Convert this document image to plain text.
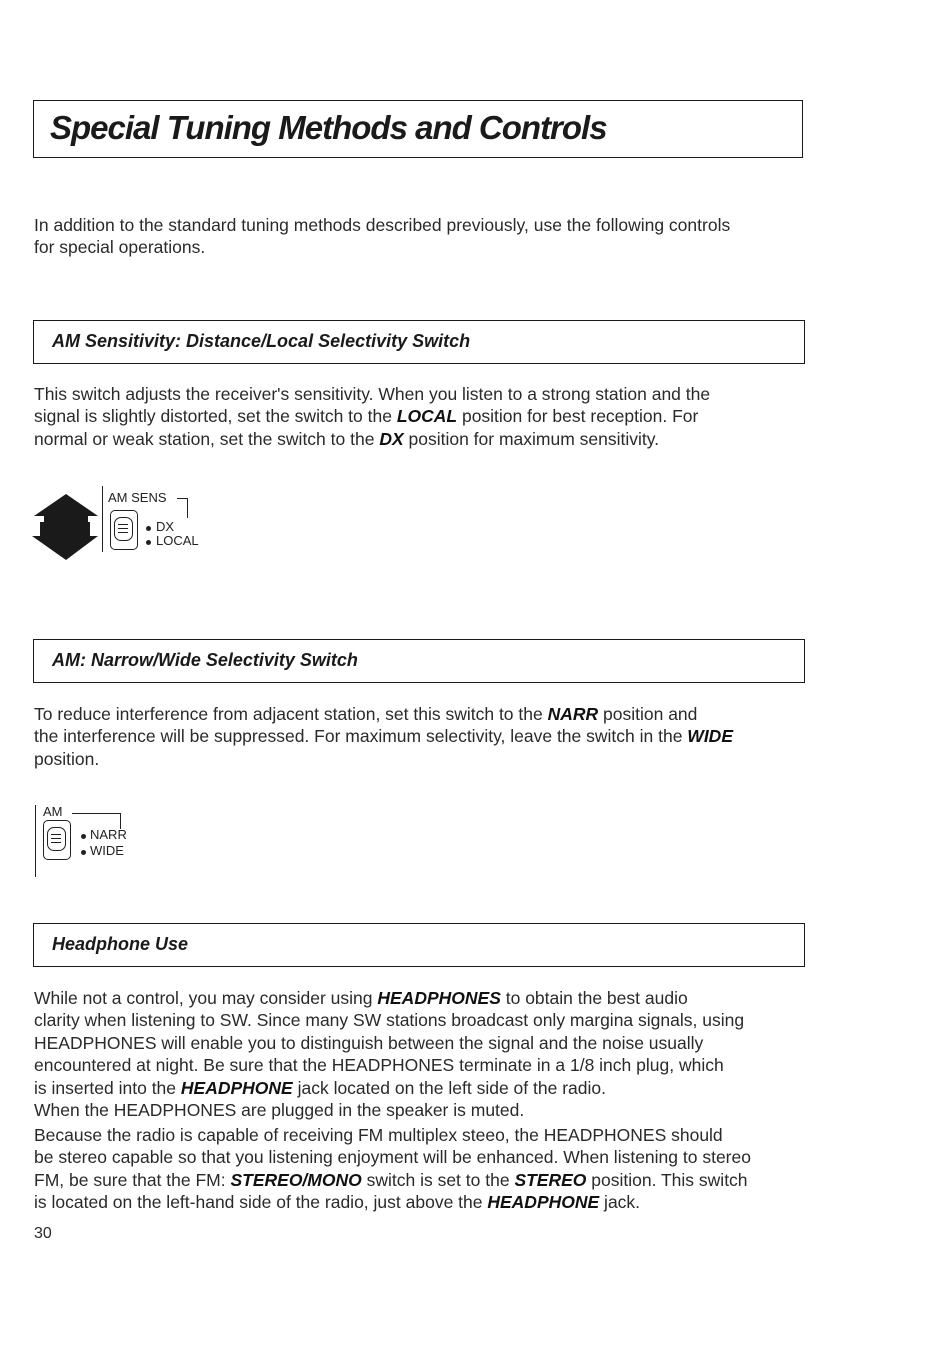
Special Tuning Methods and Controls
In addition to the standard tuning methods described previously, use the following controls
for special operations.
AM Sensitivity: Distance/Local Selectivity Switch
This switch adjusts the receiver's sensitivity. When you listen to a strong station and the
signal is slightly distorted, set the switch to the LOCAL position for best reception. For
normal or weak station, set the switch to the DX position for maximum sensitivity.
AM SENS
DX
LOCAL
AM: Narrow/Wide Selectivity Switch
To reduce interference from adjacent station, set this switch to the NARR position and
the interference will be suppressed. For maximum selectivity, leave the switch in the WIDE
position.
AM
NARR
WIDE
Headphone Use
While not a control, you may consider using HEADPHONES to obtain the best audio
clarity when listening to SW. Since many SW stations broadcast only margina signals, using
HEADPHONES will enable you to distinguish between the signal and the noise usually
encountered at night. Be sure that the HEADPHONES terminate in a 1/8 inch plug, which
is inserted into the HEADPHONE jack located on the left side of the radio.
When the HEADPHONES are plugged in the speaker is muted.
Because the radio is capable of receiving FM multiplex steeo, the HEADPHONES should
be stereo capable so that you listening enjoyment will be enhanced. When listening to stereo
FM, be sure that the FM: STEREO/MONO switch is set to the STEREO position. This switch
is located on the left-hand side of the radio, just above the HEADPHONE jack.
30
